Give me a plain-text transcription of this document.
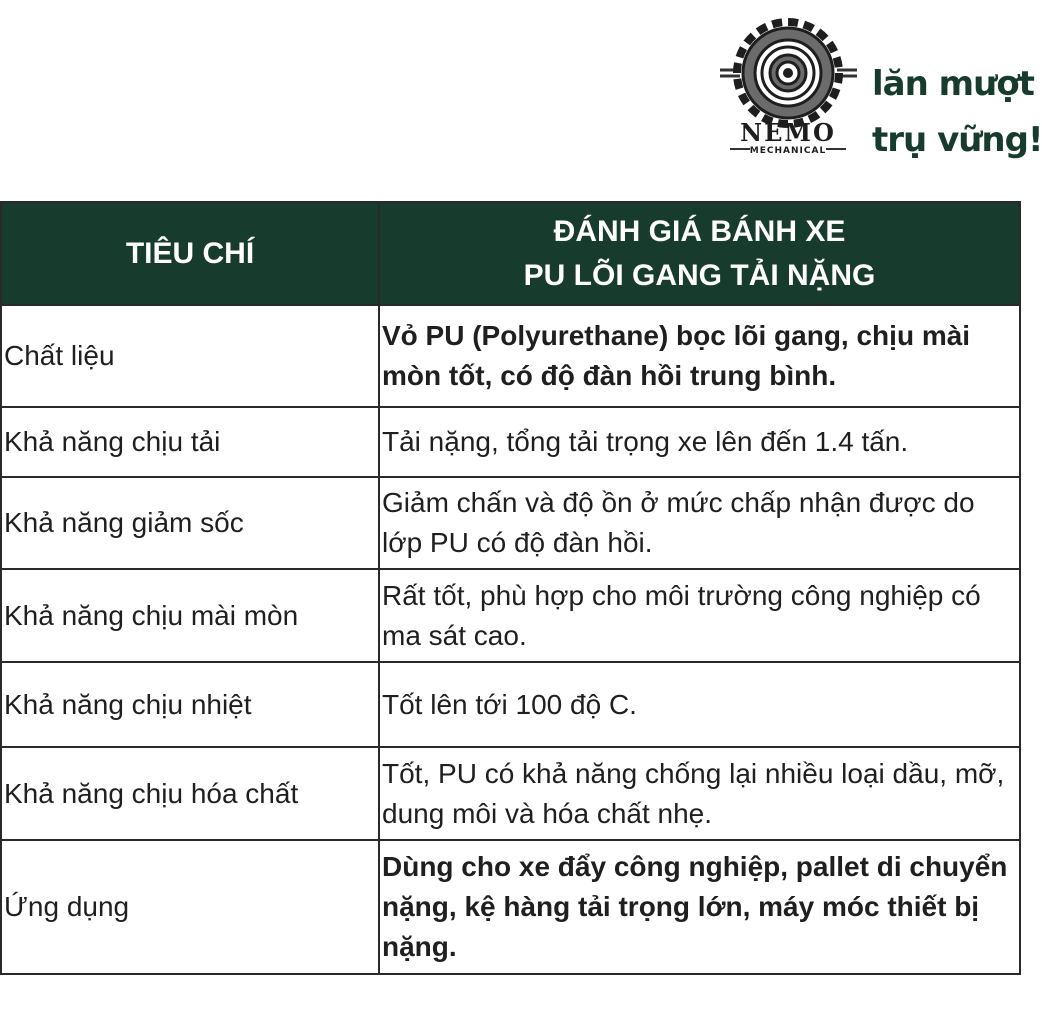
NEMO
MECHANICAL
lăn mượt
trụ vững!
TIÊU CHÍ	ĐÁNH GIÁ BÁNH XE
PU LÕI GANG TẢI NẶNG

Chất liệu	Vỏ PU (Polyurethane) bọc lõi gang, chịu mài mòn tốt, có độ đàn hồi trung bình.
Khả năng chịu tải	Tải nặng, tổng tải trọng xe lên đến 1.4 tấn.
Khả năng giảm sốc	Giảm chấn và độ ồn ở mức chấp nhận được do lớp PU có độ đàn hồi.
Khả năng chịu mài mòn	Rất tốt, phù hợp cho môi trường công nghiệp có ma sát cao.
Khả năng chịu nhiệt	Tốt lên tới 100 độ C.
Khả năng chịu hóa chất	Tốt, PU có khả năng chống lại nhiều loại dầu, mỡ, dung môi và hóa chất nhẹ.
Ứng dụng	Dùng cho xe đẩy công nghiệp, pallet di chuyển nặng, kệ hàng tải trọng lớn, máy móc thiết bị nặng.
